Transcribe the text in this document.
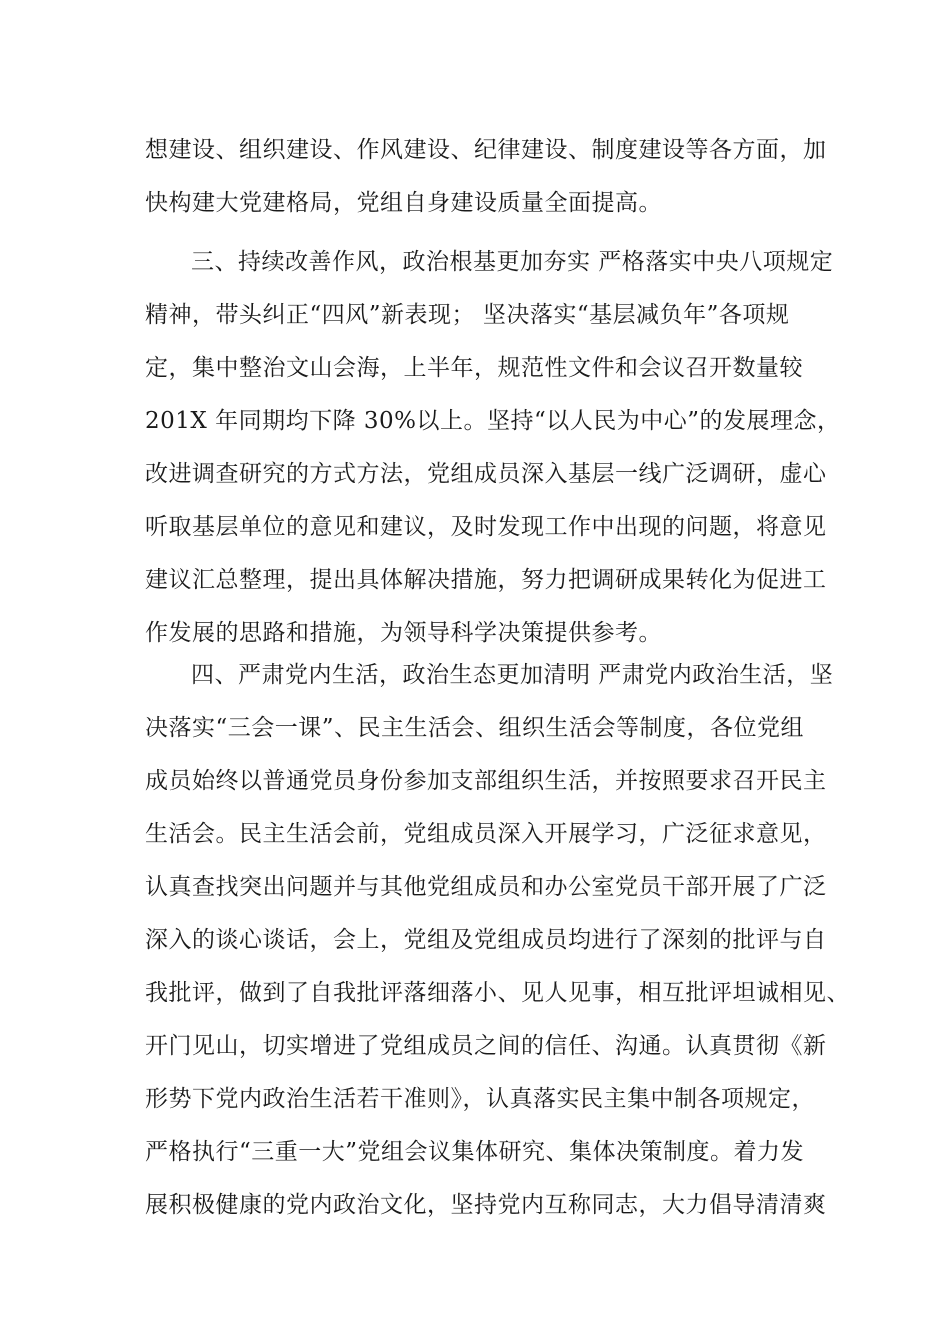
想建设、组织建设、作风建设、纪律建设、制度建设等各方面，加
快构建大党建格局，党组自身建设质量全面提高。
三、持续改善作风，政治根基更加夯实 严格落实中央八项规定
精神，带头纠正“四风”新表现； 坚决落实“基层减负年”各项规
定，集中整治文山会海，上半年，规范性文件和会议召开数量较
201X 年同期均下降 30%以上。坚持“以人民为中心”的发展理念，
改进调查研究的方式方法，党组成员深入基层一线广泛调研，虚心
听取基层单位的意见和建议，及时发现工作中出现的问题，将意见
建议汇总整理，提出具体解决措施，努力把调研成果转化为促进工
作发展的思路和措施，为领导科学决策提供参考。
四、严肃党内生活，政治生态更加清明 严肃党内政治生活，坚
决落实“三会一课”、民主生活会、组织生活会等制度，各位党组
成员始终以普通党员身份参加支部组织生活，并按照要求召开民主
生活会。民主生活会前，党组成员深入开展学习，广泛征求意见，
认真查找突出问题并与其他党组成员和办公室党员干部开展了广泛
深入的谈心谈话，会上，党组及党组成员均进行了深刻的批评与自
我批评，做到了自我批评落细落小、见人见事，相互批评坦诚相见、
开门见山，切实增进了党组成员之间的信任、沟通。认真贯彻《新
形势下党内政治生活若干准则》，认真落实民主集中制各项规定，
严格执行“三重一大”党组会议集体研究、集体决策制度。着力发
展积极健康的党内政治文化，坚持党内互称同志，大力倡导清清爽
